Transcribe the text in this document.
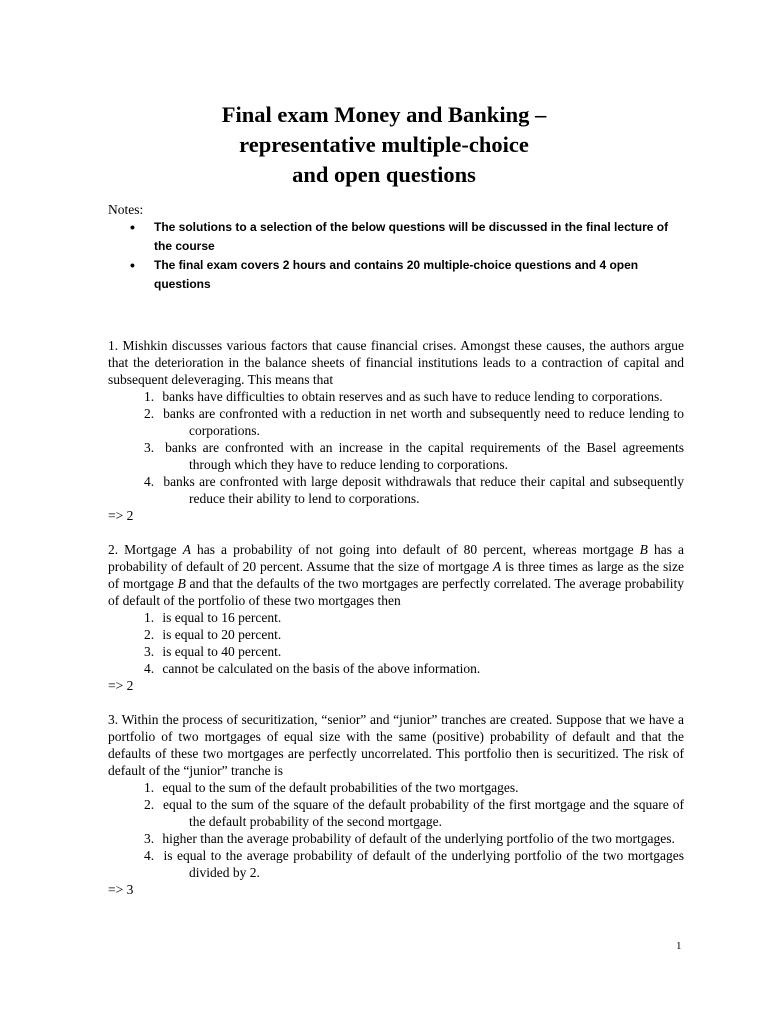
Final exam Money and Banking –
representative multiple-choice
and open questions
Notes:
• The solutions to a selection of the below questions will be discussed in the final lecture of the course
• The final exam covers 2 hours and contains 20 multiple-choice questions and 4 open questions
1. Mishkin discusses various factors that cause financial crises. Amongst these causes, the authors argue that the deterioration in the balance sheets of financial institutions leads to a contraction of capital and subsequent deleveraging. This means that
1. banks have difficulties to obtain reserves and as such have to reduce lending to corporations.
2. banks are confronted with a reduction in net worth and subsequently need to reduce lending to corporations.
3. banks are confronted with an increase in the capital requirements of the Basel agreements through which they have to reduce lending to corporations.
4. banks are confronted with large deposit withdrawals that reduce their capital and subsequently reduce their ability to lend to corporations.
=> 2
2. Mortgage A has a probability of not going into default of 80 percent, whereas mortgage B has a probability of default of 20 percent. Assume that the size of mortgage A is three times as large as the size of mortgage B and that the defaults of the two mortgages are perfectly correlated. The average probability of default of the portfolio of these two mortgages then
1. is equal to 16 percent.
2. is equal to 20 percent.
3. is equal to 40 percent.
4. cannot be calculated on the basis of the above information.
=> 2
3. Within the process of securitization, “senior” and “junior” tranches are created. Suppose that we have a portfolio of two mortgages of equal size with the same (positive) probability of default and that the defaults of these two mortgages are perfectly uncorrelated. This portfolio then is securitized. The risk of default of the “junior” tranche is
1. equal to the sum of the default probabilities of the two mortgages.
2. equal to the sum of the square of the default probability of the first mortgage and the square of the default probability of the second mortgage.
3. higher than the average probability of default of the underlying portfolio of the two mortgages.
4. is equal to the average probability of default of the underlying portfolio of the two mortgages divided by 2.
=> 3
1
